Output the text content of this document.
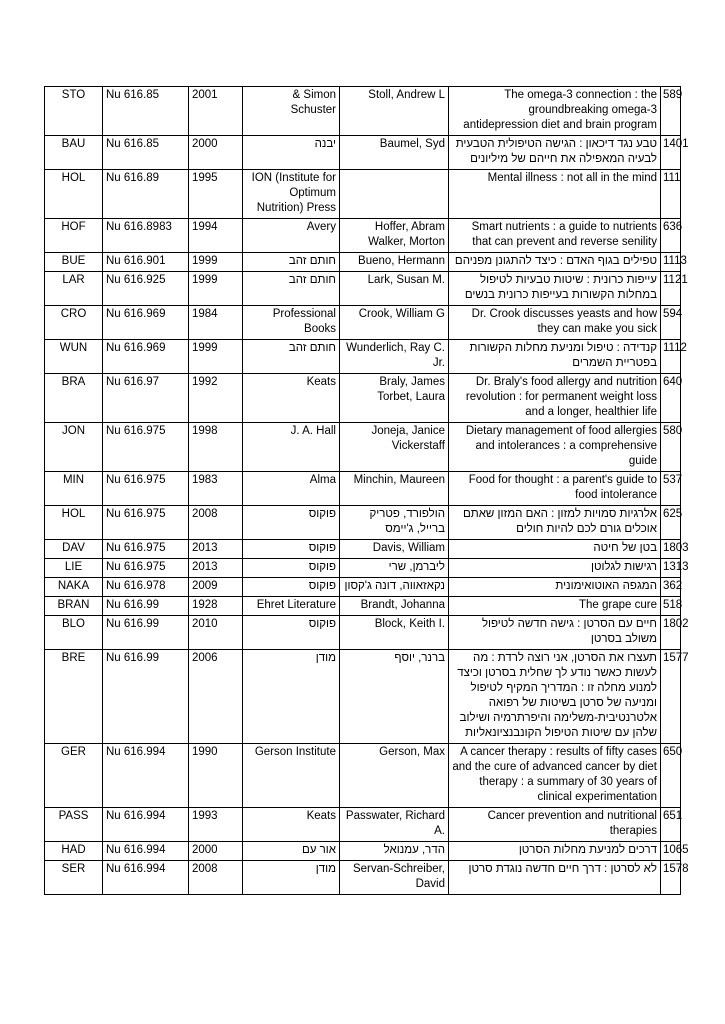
STO	Nu 616.85	2001	& Simon Schuster	Stoll, Andrew L	The omega-3 connection : the groundbreaking omega-3 antidepression diet and brain program	589
BAU	Nu 616.85	2000	יבנה	Baumel, Syd	טבע נגד דיכאון : הגישה הטיפולית הטבעית לבעיה המאפילה את חייהם של מיליונים	1401
HOL	Nu 616.89	1995	ION (Institute for Optimum Nutrition) Press		Mental illness : not all in the mind	111
HOF	Nu 616.8983	1994	Avery	Hoffer, Abram Walker, Morton	Smart nutrients : a guide to nutrients that can prevent and reverse senility	636
BUE	Nu 616.901	1999	חותם זהב	Bueno, Hermann	טפילים בגוף האדם : כיצד להתגונן מפניהם	1113
LAR	Nu 616.925	1999	חותם זהב	Lark, Susan M.	עייפות כרונית : שיטות טבעיות לטיפול במחלות הקשורות בעייפות כרונית בנשים	1121
CRO	Nu 616.969	1984	Professional Books	Crook, William G	Dr. Crook discusses yeasts and how they can make you sick	594
WUN	Nu 616.969	1999	חותם זהב	Wunderlich, Ray C. Jr.	קנדידה : טיפול ומניעת מחלות הקשורות בפטריית השמרים	1112
BRA	Nu 616.97	1992	Keats	Braly, James Torbet, Laura	Dr. Braly's food allergy and nutrition revolution : for permanent weight loss and a longer, healthier life	640
JON	Nu 616.975	1998	J. A. Hall	Joneja, Janice Vickerstaff	Dietary management of food allergies and intolerances : a comprehensive guide	580
MIN	Nu 616.975	1983	Alma	Minchin, Maureen	Food for thought : a parent's guide to food intolerance	537
HOL	Nu 616.975	2008	פוקוס	הולפורד, פטריק ברייל, ג'יימס	אלרגיות סמויות למזון : האם המזון שאתם אוכלים גורם לכם להיות חולים	625
DAV	Nu 616.975	2013	פוקוס	Davis, William	בטן של חיטה	1803
LIE	Nu 616.975	2013	פוקוס	ליברמן, שרי	רגישות לגלוטן	1313
NAKA	Nu 616.978	2009	פוקוס	נקאזאווה, דונה ג'קסון	המגפה האוטואימונית	362
BRAN	Nu 616.99	1928	Ehret Literature	Brandt, Johanna	The grape cure	518
BLO	Nu 616.99	2010	פוקוס	Block, Keith I.	חיים עם הסרטן : גישה חדשה לטיפול משולב בסרטן	1802
BRE	Nu 616.99	2006	מודן	ברנר, יוסף	תעצרו את הסרטן, אני רוצה לרדת : מה לעשות כאשר נודע לך שחלית בסרטן וכיצד למנוע מחלה זו : המדריך המקיף לטיפול ומניעה של סרטן בשיטות של רפואה אלטרנטיבית-משלימה והיפרתרמיה ושילוב שלהן עם שיטות הטיפול הקונבנציונאליות	1577
GER	Nu 616.994	1990	Gerson Institute	Gerson, Max	A cancer therapy : results of fifty cases and the cure of advanced cancer by diet therapy : a summary of 30 years of clinical experimentation	650
PASS	Nu 616.994	1993	Keats	Passwater, Richard A.	Cancer prevention and nutritional therapies	651
HAD	Nu 616.994	2000	אור עם	הדר, עמנואל	דרכים למניעת מחלות הסרטן	1065
SER	Nu 616.994	2008	מודן	Servan-Schreiber, David	לא לסרטן : דרך חיים חדשה נוגדת סרטן	1578
